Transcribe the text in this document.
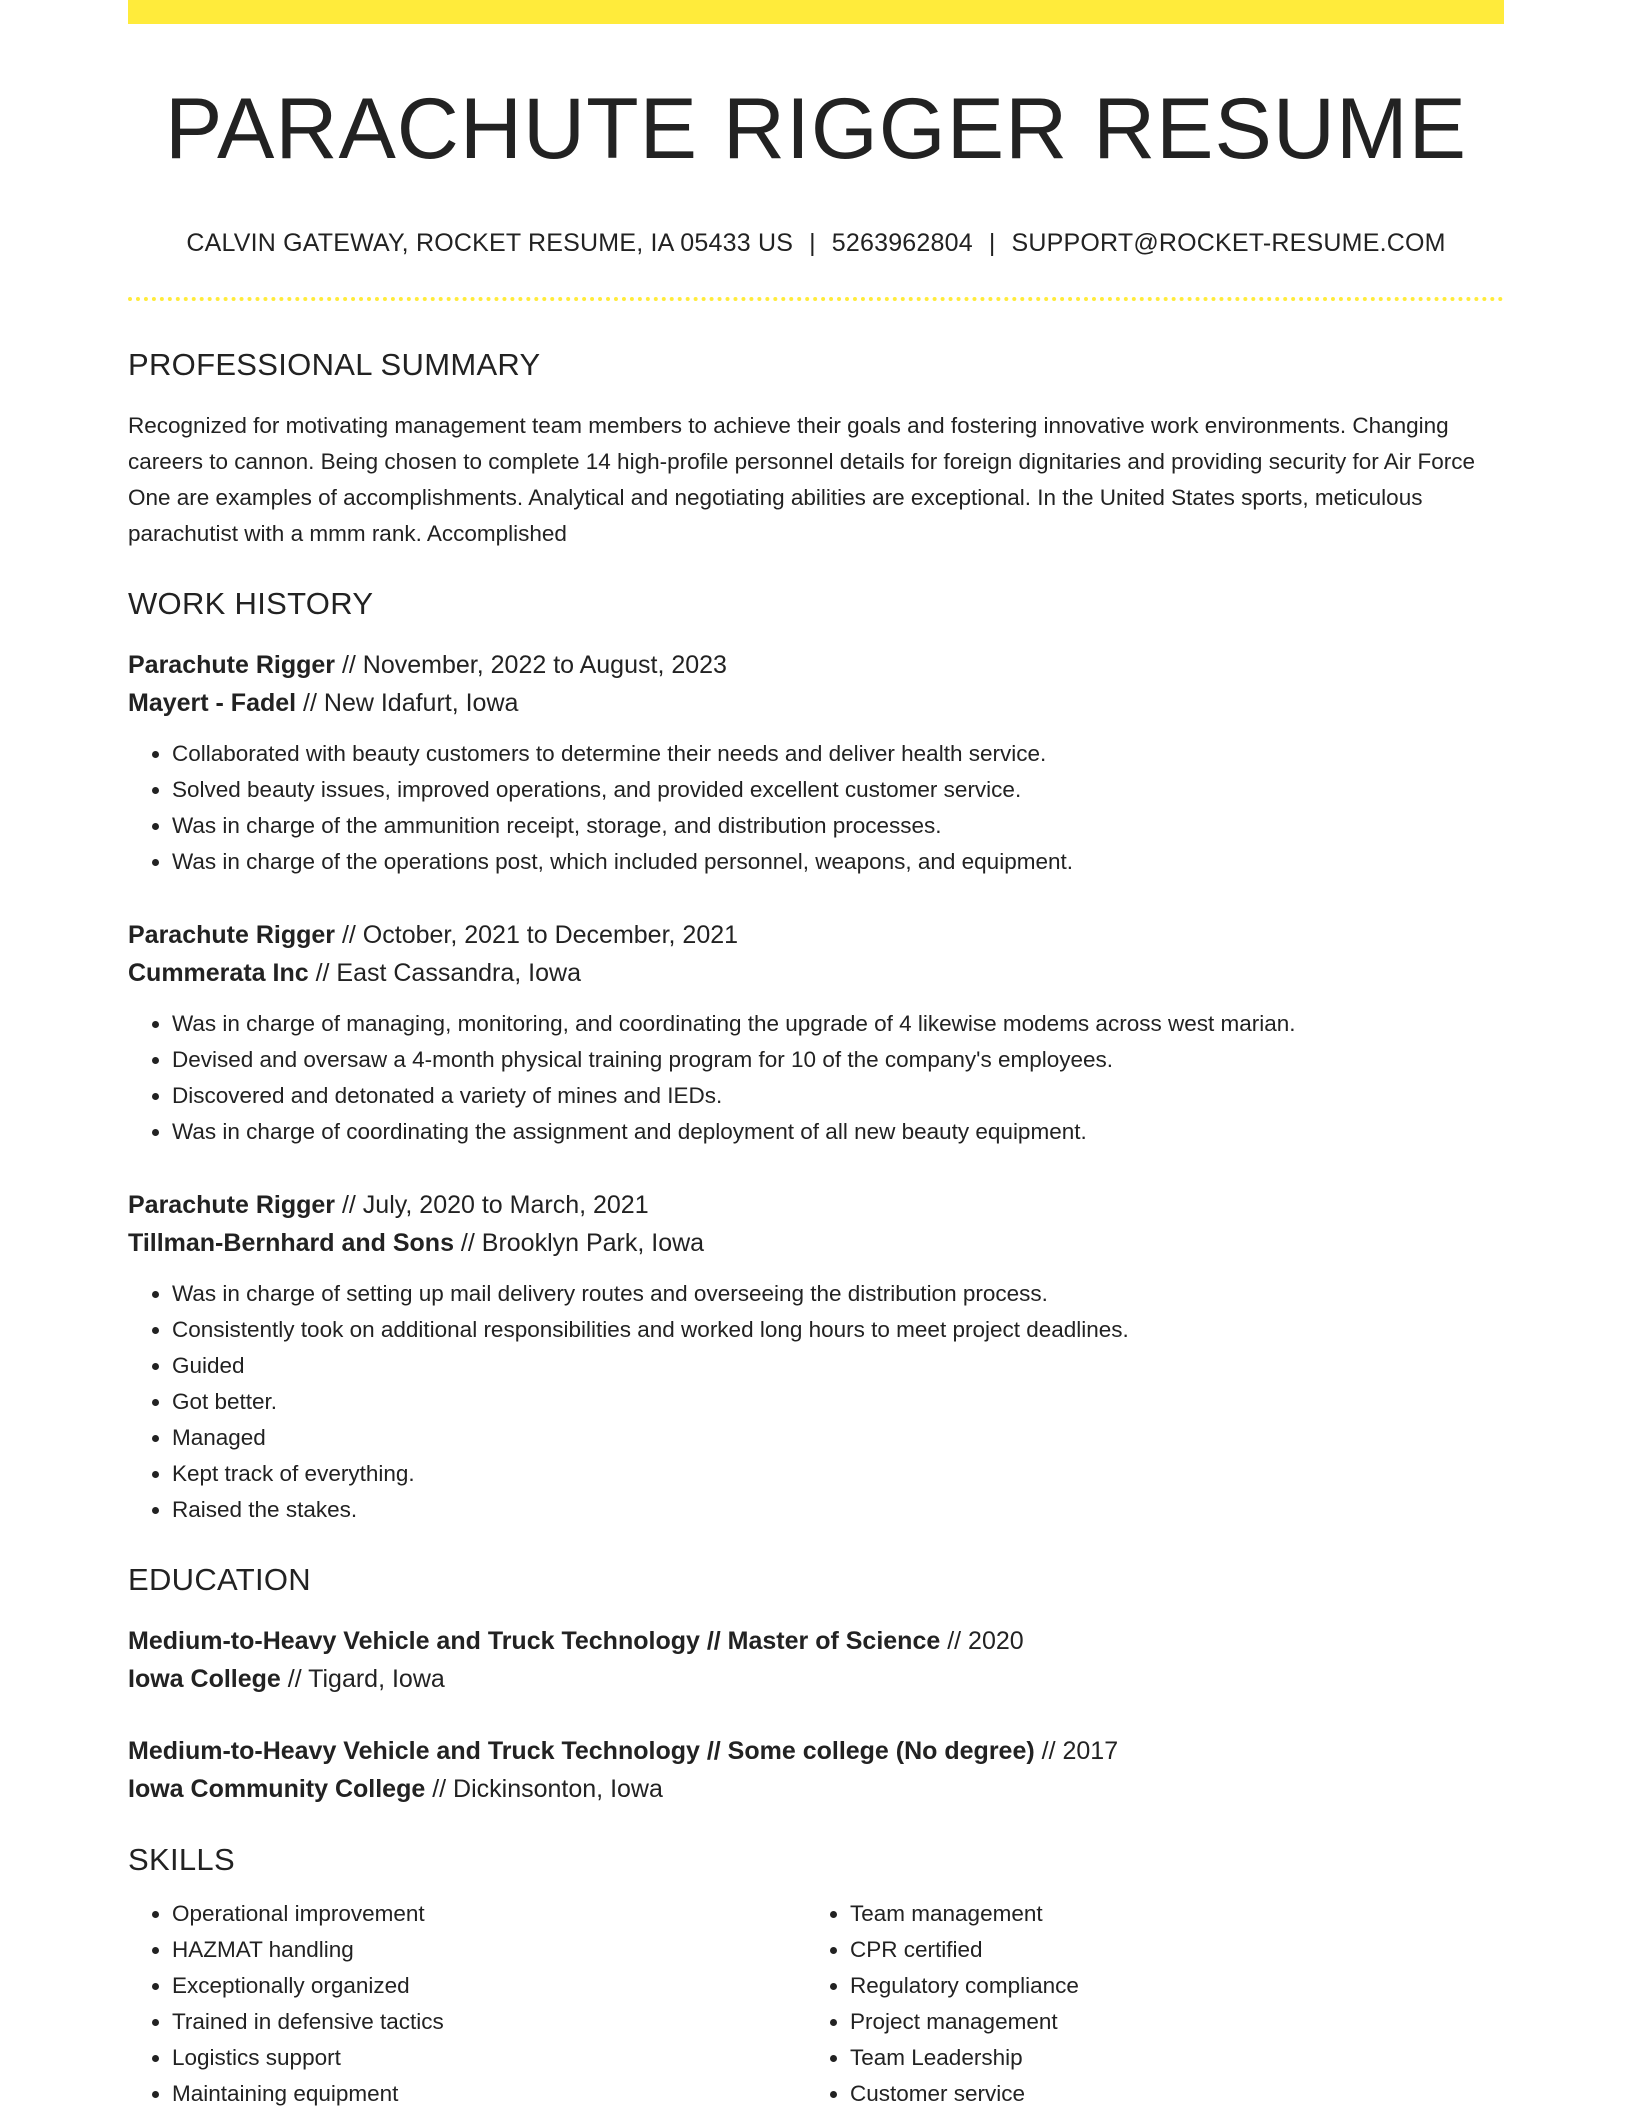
PARACHUTE RIGGER RESUME
CALVIN GATEWAY, ROCKET RESUME, IA 05433 US | 5263962804 | SUPPORT@ROCKET-RESUME.COM
PROFESSIONAL SUMMARY
Recognized for motivating management team members to achieve their goals and fostering innovative work environments. Changing careers to cannon. Being chosen to complete 14 high-profile personnel details for foreign dignitaries and providing security for Air Force One are examples of accomplishments. Analytical and negotiating abilities are exceptional. In the United States sports, meticulous parachutist with a mmm rank. Accomplished
WORK HISTORY
Parachute Rigger // November, 2022 to August, 2023
Mayert - Fadel // New Idafurt, Iowa
• Collaborated with beauty customers to determine their needs and deliver health service.
• Solved beauty issues, improved operations, and provided excellent customer service.
• Was in charge of the ammunition receipt, storage, and distribution processes.
• Was in charge of the operations post, which included personnel, weapons, and equipment.
Parachute Rigger // October, 2021 to December, 2021
Cummerata Inc // East Cassandra, Iowa
• Was in charge of managing, monitoring, and coordinating the upgrade of 4 likewise modems across west marian.
• Devised and oversaw a 4-month physical training program for 10 of the company's employees.
• Discovered and detonated a variety of mines and IEDs.
• Was in charge of coordinating the assignment and deployment of all new beauty equipment.
Parachute Rigger // July, 2020 to March, 2021
Tillman-Bernhard and Sons // Brooklyn Park, Iowa
• Was in charge of setting up mail delivery routes and overseeing the distribution process.
• Consistently took on additional responsibilities and worked long hours to meet project deadlines.
• Guided
• Got better.
• Managed
• Kept track of everything.
• Raised the stakes.
EDUCATION
Medium-to-Heavy Vehicle and Truck Technology // Master of Science // 2020
Iowa College // Tigard, Iowa
Medium-to-Heavy Vehicle and Truck Technology // Some college (No degree) // 2017
Iowa Community College // Dickinsonton, Iowa
SKILLS
• Operational improvement
• HAZMAT handling
• Exceptionally organized
• Trained in defensive tactics
• Logistics support
• Maintaining equipment
• Team management
• CPR certified
• Regulatory compliance
• Project management
• Team Leadership
• Customer service
